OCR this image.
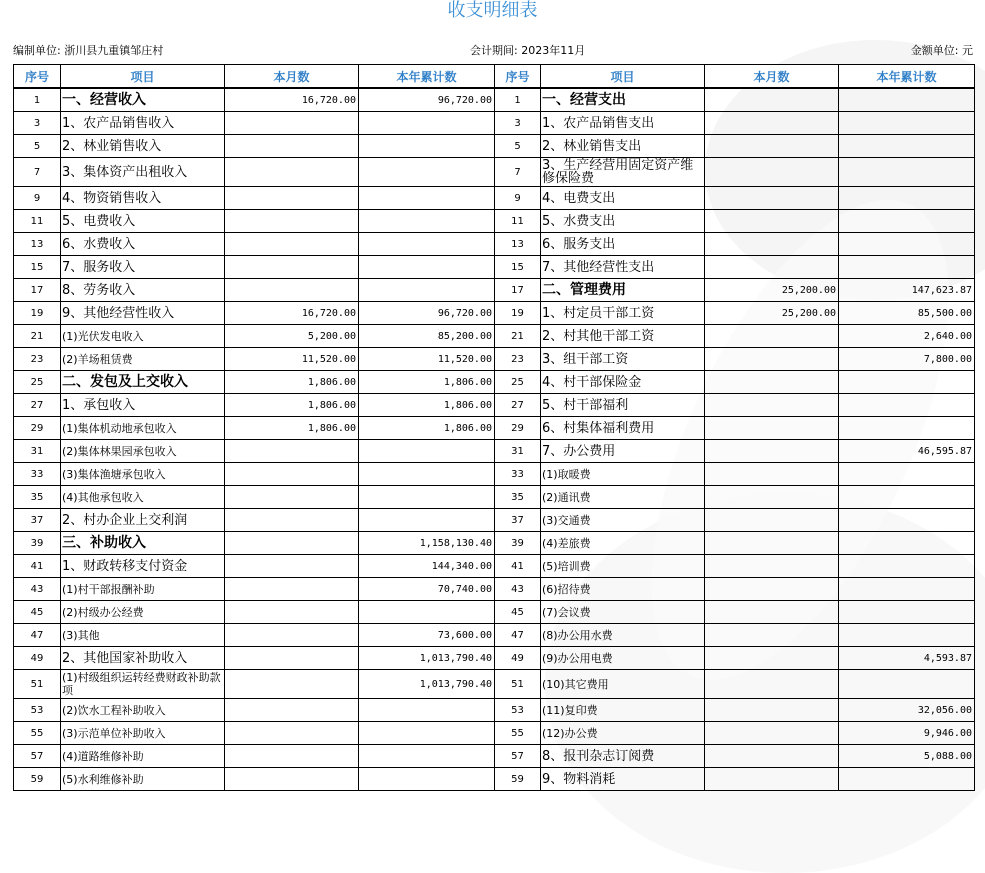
收支明细表
编制单位: 浙川县九重镇邹庄村	会计期间: 2023年11月	金额单位: 元
序号	项目	本月数	本年累计数	序号	项目	本月数	本年累计数
1	一、经营收入	16,720.00	96,720.00	1	一、经营支出		
3	1、农产品销售收入			3	1、农产品销售支出		
5	2、林业销售收入			5	2、林业销售支出		
7	3、集体资产出租收入			7	3、生产经营用固定资产维修保险费		
9	4、物资销售收入			9	4、电费支出		
11	5、电费收入			11	5、水费支出		
13	6、水费收入			13	6、服务支出		
15	7、服务收入			15	7、其他经营性支出		
17	8、劳务收入			17	二、管理费用	25,200.00	147,623.87
19	9、其他经营性收入	16,720.00	96,720.00	19	1、村定员干部工资	25,200.00	85,500.00
21	(1)光伏发电收入	5,200.00	85,200.00	21	2、村其他干部工资		2,640.00
23	(2)羊场租赁费	11,520.00	11,520.00	23	3、组干部工资		7,800.00
25	二、发包及上交收入	1,806.00	1,806.00	25	4、村干部保险金		
27	1、承包收入	1,806.00	1,806.00	27	5、村干部福利		
29	(1)集体机动地承包收入	1,806.00	1,806.00	29	6、村集体福利费用		
31	(2)集体林果园承包收入			31	7、办公费用		46,595.87
33	(3)集体渔塘承包收入			33	(1)取暖费		
35	(4)其他承包收入			35	(2)通讯费		
37	2、村办企业上交利润			37	(3)交通费		
39	三、补助收入		1,158,130.40	39	(4)差旅费		
41	1、财政转移支付资金		144,340.00	41	(5)培训费		
43	(1)村干部报酬补助		70,740.00	43	(6)招待费		
45	(2)村级办公经费			45	(7)会议费		
47	(3)其他		73,600.00	47	(8)办公用水费		
49	2、其他国家补助收入		1,013,790.40	49	(9)办公用电费		4,593.87
51	(1)村级组织运转经费财政补助款项		1,013,790.40	51	(10)其它费用		
53	(2)饮水工程补助收入			53	(11)复印费		32,056.00
55	(3)示范单位补助收入			55	(12)办公费		9,946.00
57	(4)道路维修补助			57	8、报刊杂志订阅费		5,088.00
59	(5)水利维修补助			59	9、物料消耗		
